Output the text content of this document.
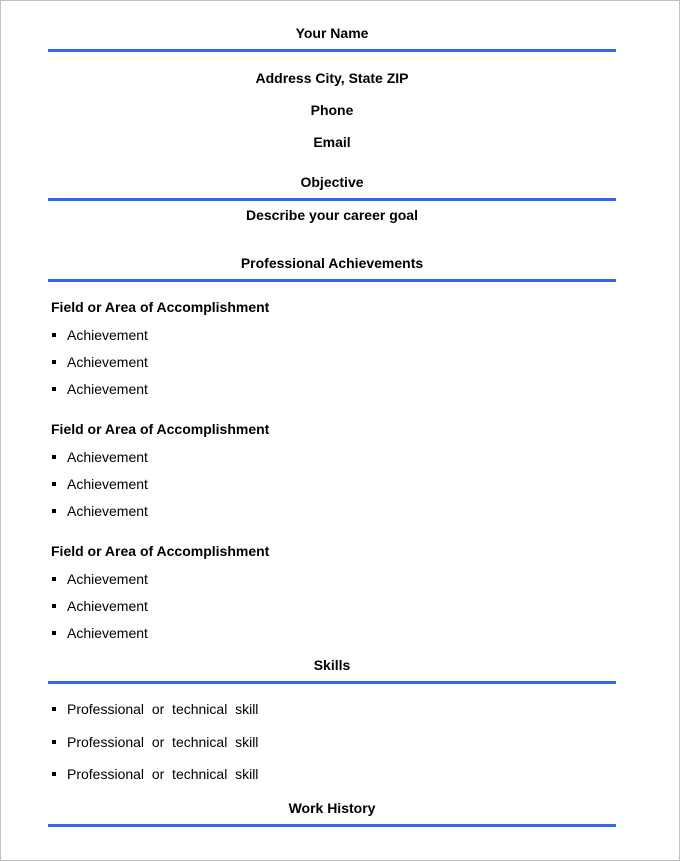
Your Name
Address City, State ZIP
Phone
Email
Objective
Describe your career goal
Professional Achievements
Field or Area of Accomplishment
Achievement
Achievement
Achievement
Field or Area of Accomplishment
Achievement
Achievement
Achievement
Field or Area of Accomplishment
Achievement
Achievement
Achievement
Skills
Professional  or  technical  skill
Professional  or  technical  skill
Professional  or  technical  skill
Work History
